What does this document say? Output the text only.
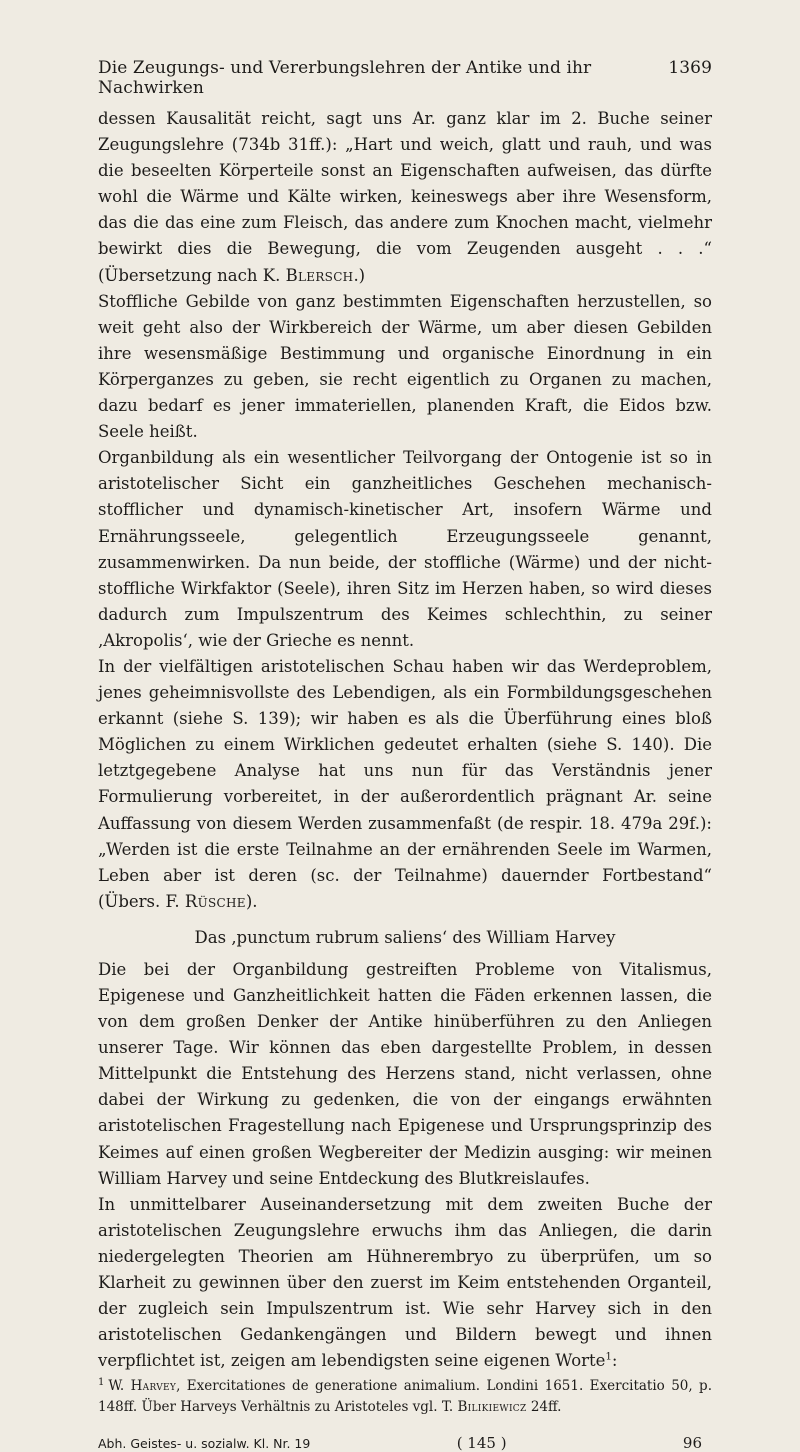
Die Zeugungs- und Vererbungslehren der Antike und ihr Nachwirken
1369

dessen Kausalität reicht, sagt uns Ar. ganz klar im 2. Buche seiner Zeugungslehre (734b 31ff.): „Hart und weich, glatt und rauh, und was die beseelten Körperteile sonst an Eigenschaften aufweisen, das dürfte wohl die Wärme und Kälte wirken, keineswegs aber ihre Wesensform, das die das eine zum Fleisch, das andere zum Knochen macht, vielmehr bewirkt dies die Bewegung, die vom Zeugenden ausgeht . . .“ (Übersetzung nach K. Blersch.)

Stoffliche Gebilde von ganz bestimmten Eigenschaften herzustellen, so weit geht also der Wirkbereich der Wärme, um aber diesen Gebilden ihre wesensmäßige Bestimmung und organische Einordnung in ein Körperganzes zu geben, sie recht eigentlich zu Organen zu machen, dazu bedarf es jener immateriellen, planenden Kraft, die Eidos bzw. Seele heißt.

Organbildung als ein wesentlicher Teilvorgang der Ontogenie ist so in aristotelischer Sicht ein ganzheitliches Geschehen mechanisch-stofflicher und dynamisch-kinetischer Art, insofern Wärme und Ernährungsseele, gelegentlich Erzeugungsseele genannt, zusammenwirken. Da nun beide, der stoffliche (Wärme) und der nicht-stoffliche Wirkfaktor (Seele), ihren Sitz im Herzen haben, so wird dieses dadurch zum Impulszentrum des Keimes schlechthin, zu seiner ‚Akropolis‘, wie der Grieche es nennt.

In der vielfältigen aristotelischen Schau haben wir das Werdeproblem, jenes geheimnisvollste des Lebendigen, als ein Formbildungsgeschehen erkannt (siehe S. 139); wir haben es als die Überführung eines bloß Möglichen zu einem Wirklichen gedeutet erhalten (siehe S. 140). Die letztgegebene Analyse hat uns nun für das Verständnis jener Formulierung vorbereitet, in der außerordentlich prägnant Ar. seine Auffassung von diesem Werden zusammenfaßt (de respir. 18. 479a 29f.): „Werden ist die erste Teilnahme an der ernährenden Seele im Warmen, Leben aber ist deren (sc. der Teilnahme) dauernder Fortbestand“ (Übers. F. Rüsche).

Das ‚punctum rubrum saliens‘ des William Harvey

Die bei der Organbildung gestreiften Probleme von Vitalismus, Epigenese und Ganzheitlichkeit hatten die Fäden erkennen lassen, die von dem großen Denker der Antike hinüberführen zu den Anliegen unserer Tage. Wir können das eben dargestellte Problem, in dessen Mittelpunkt die Entstehung des Herzens stand, nicht verlassen, ohne dabei der Wirkung zu gedenken, die von der eingangs erwähnten aristotelischen Fragestellung nach Epigenese und Ursprungsprinzip des Keimes auf einen großen Wegbereiter der Medizin ausging: wir meinen William Harvey und seine Entdeckung des Blutkreislaufes.

In unmittelbarer Auseinandersetzung mit dem zweiten Buche der aristotelischen Zeugungslehre erwuchs ihm das Anliegen, die darin niedergelegten Theorien am Hühnerembryo zu überprüfen, um so Klarheit zu gewinnen über den zuerst im Keim entstehenden Organteil, der zugleich sein Impulszentrum ist. Wie sehr Harvey sich in den aristotelischen Gedankengängen und Bildern bewegt und ihnen verpflichtet ist, zeigen am lebendigsten seine eigenen Worte$^1$:

$^1$ W. Harvey, Exercitationes de generatione animalium. Londini 1651. Exercitatio 50, p. 148ff. Über Harveys Verhältnis zu Aristoteles vgl. T. Bilikiewicz 24ff.
Abh. Geistes- u. sozialw. Kl. Nr. 19	( 145 )	96
